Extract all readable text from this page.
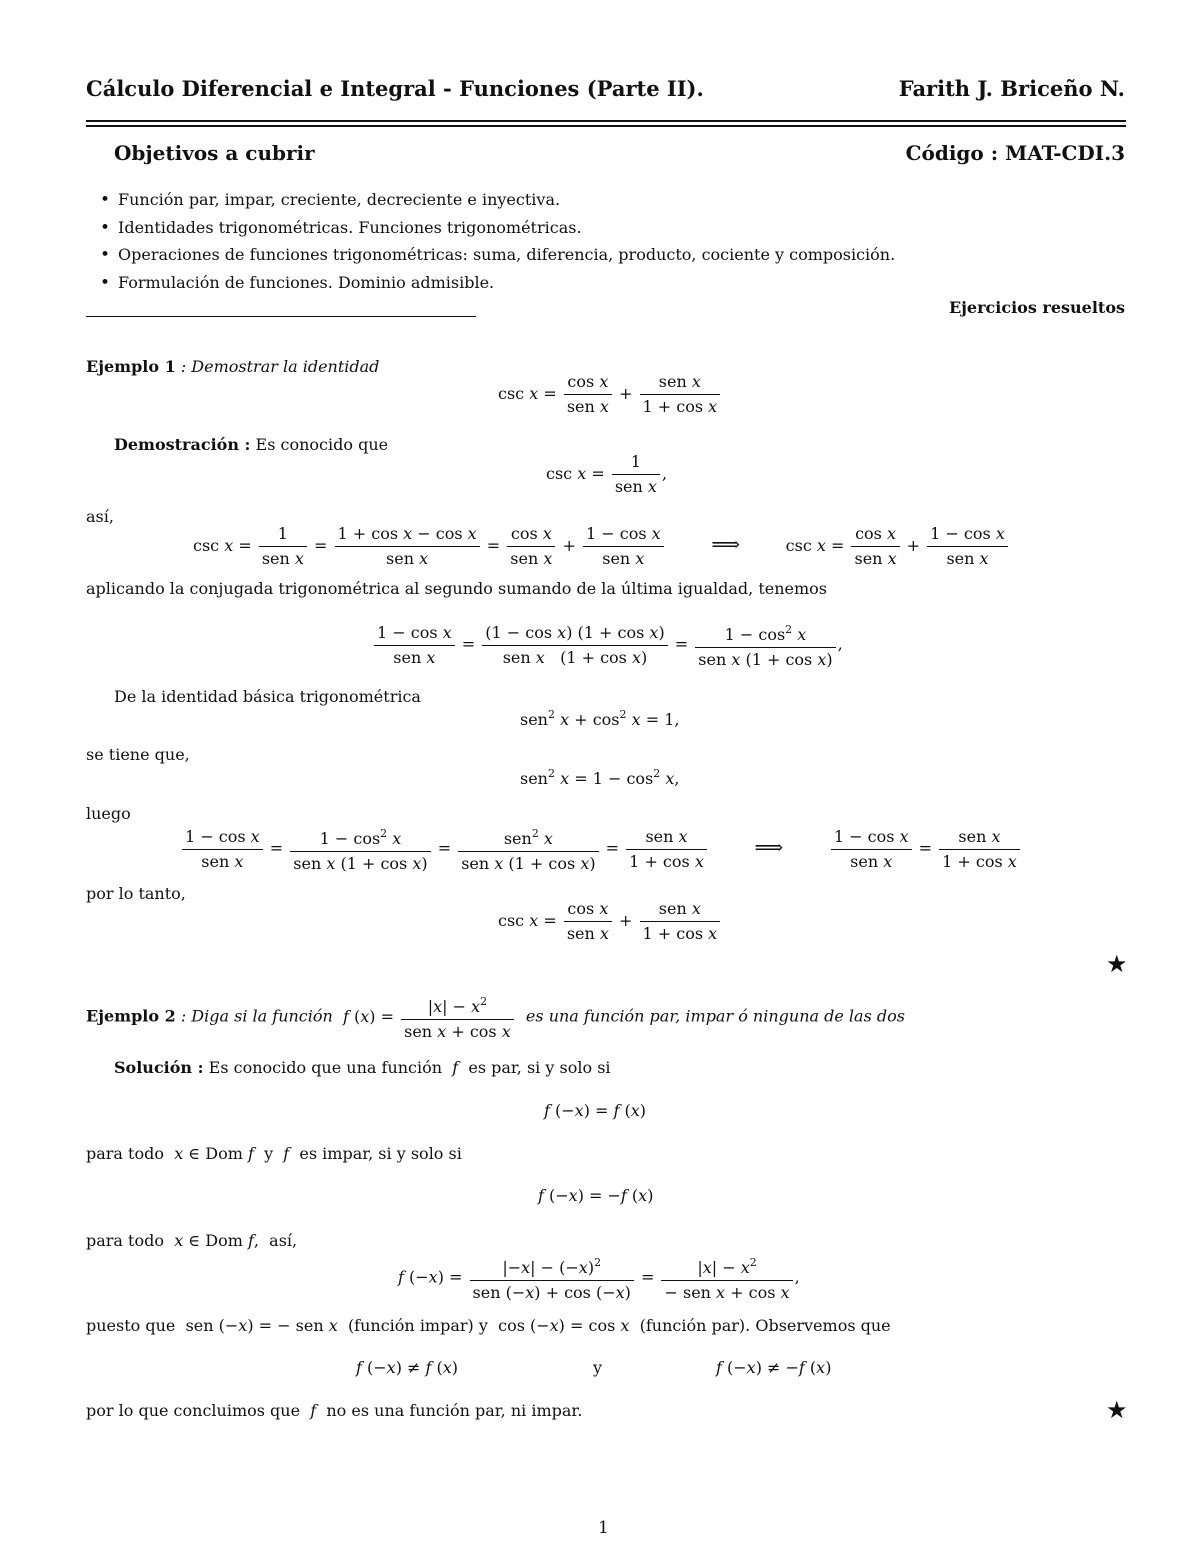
Cálculo Diferencial e Integral - Funciones (Parte II).	Farith J. Briceño N.
Objetivos a cubrir	Código : MAT-CDI.3
• Función par, impar, creciente, decreciente e inyectiva.
• Identidades trigonométricas. Funciones trigonométricas.
• Operaciones de funciones trigonométricas: suma, diferencia, producto, cociente y composición.
• Formulación de funciones. Dominio admisible.
Ejercicios resueltos
Ejemplo 1 : Demostrar la identidad
$\csc x = \frac{\text{cos x}}{\text{sen x}} + \frac{\text{sen x}}{\text{1 + cos x}}$
Demostración : Es conocido que
$\csc x = \frac{1}{\text{sen x}}$ ,
así,
$\csc x = \frac{1}{\text{sen x}} = \frac{\text{1 + cos x − cos x}}{\text{sen x}} = \frac{\text{cos x}}{\text{sen x}} + \frac{\text{1 − cos x}}{\text{sen x}}$ ⟹	$\csc x = \frac{\text{cos x}}{\text{sen x}} + \frac{\text{1 − cos x}}{\text{sen x}}$
aplicando la conjugada trigonométrica al segundo sumando de la última igualdad, tenemos
$\frac{\text{1 − cos x}}{\text{sen x}} = \frac{\text{(1 − cos x) (1 + cos x)}}{\text{sen x   (1 + cos x)}} = \frac{1 - \cos^2 x}{\text{sen x (1 + cos x)}}$ ,
De la identidad básica trigonométrica
sen$^2$ $x + \cos^2 x = 1$,
se tiene que,
sen$^2$ $x = 1 - \cos^2 x$,
luego
$\frac{\text{1 − cos x}}{\text{sen x}} = \frac{1 - \cos^2 x}{\text{sen x (1 + cos x)}} = \frac{sen^2 x}{\text{sen x (1 + cos x)}} = \frac{\text{sen x}}{\text{1 + cos x}}$ ⟹	$\frac{\text{1 − cos x}}{\text{sen x}} = \frac{\text{sen x}}{\text{1 + cos x}}$
por lo tanto,
$\csc x = \frac{\text{cos x}}{\text{sen x}} + \frac{\text{sen x}}{\text{1 + cos x}}$
★
Ejemplo 2 : Diga si la función f $(x) = \frac{|x| - x^2}{\text{sen x + cos x}}$ es una función par, impar ó ninguna de las dos
Solución : Es conocido que una función  f  es par, si y solo si
f (−x) = f (x)
para todo x ∈ Dom f y  f  es impar, si y solo si
f (−x) = −f (x)
para todo x ∈ Dom f,  así,
f $(-x) = \frac{|-x| - (-x)^2}{\text{sen (−x) + cos (−x)}} = \frac{|x| - x^2}{\text{− sen x + cos x}}$ ,
puesto que  sen (−x) = − sen x (función impar) y  cos (−x) = cos x (función par). Observemos que
f (−x) ≠ f (x)	y	f (−x) ≠ −f (x)
por lo que concluimos que  f  no es una función par, ni impar.	★
1
